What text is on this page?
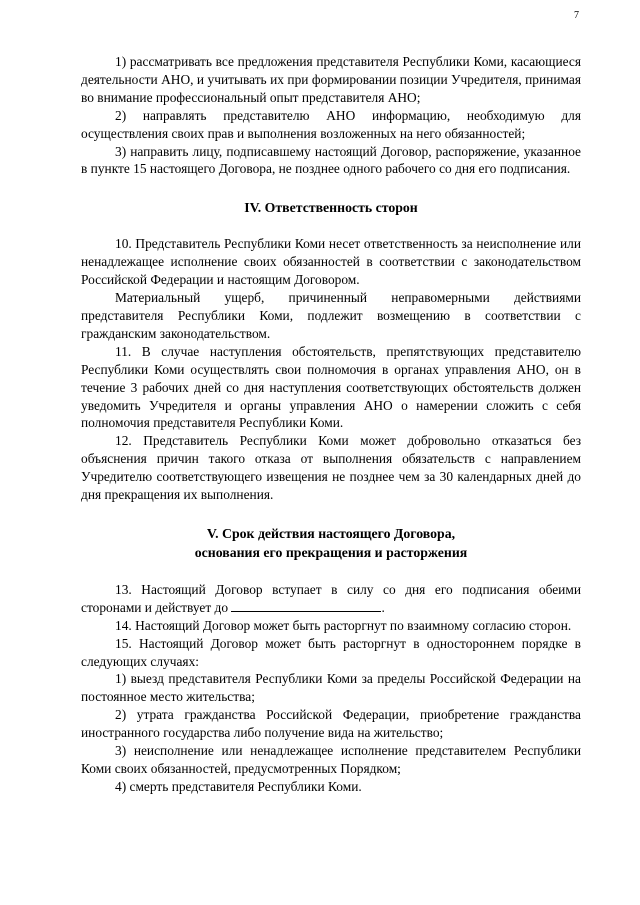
7

1) рассматривать все предложения представителя Республики Коми, касающиеся деятельности АНО, и учитывать их при формировании позиции Учредителя, принимая во внимание профессиональный опыт представителя АНО;

2) направлять представителю АНО информацию, необходимую для осуществления своих прав и выполнения возложенных на него обязанностей;

3) направить лицу, подписавшему настоящий Договор, распоряжение, указанное в пункте 15 настоящего Договора, не позднее одного рабочего со дня его подписания.

IV. Ответственность сторон

10. Представитель Республики Коми несет ответственность за неисполнение или ненадлежащее исполнение своих обязанностей в соответствии с законодательством Российской Федерации и настоящим Договором.

Материальный ущерб, причиненный неправомерными действиями представителя Республики Коми, подлежит возмещению в соответствии с гражданским законодательством.

11. В случае наступления обстоятельств, препятствующих представителю Республики Коми осуществлять свои полномочия в органах управления АНО, он в течение 3 рабочих дней со дня наступления соответствующих обстоятельств должен уведомить Учредителя и органы управления АНО о намерении сложить с себя полномочия представителя Республики Коми.

12. Представитель Республики Коми может добровольно отказаться без объяснения причин такого отказа от выполнения обязательств с направлением Учредителю соответствующего извещения не позднее чем за 30 календарных дней до дня прекращения их выполнения.

V. Срок действия настоящего Договора,

основания его прекращения и расторжения

13. Настоящий Договор вступает в силу со дня его подписания обеими сторонами и действует до	.

14. Настоящий Договор может быть расторгнут по взаимному согласию сторон.

15. Настоящий Договор может быть расторгнут в одностороннем порядке в следующих случаях:

1) выезд представителя Республики Коми за пределы Российской Федерации на постоянное место жительства;

2) утрата гражданства Российской Федерации, приобретение гражданства иностранного государства либо получение вида на жительство;

3) неисполнение или ненадлежащее исполнение представителем Республики Коми своих обязанностей, предусмотренных Порядком;

4) смерть представителя Республики Коми.
